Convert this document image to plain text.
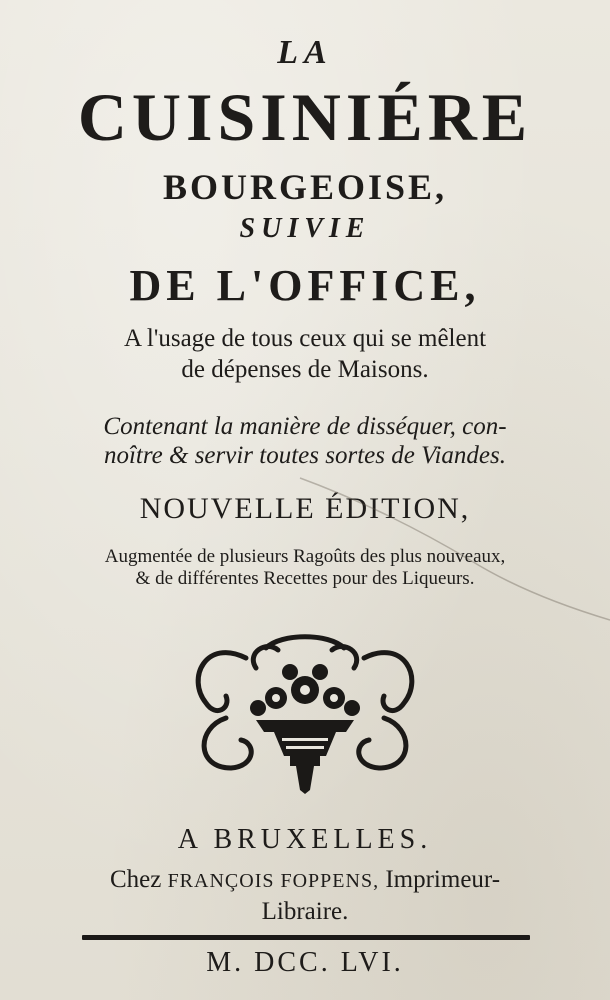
LA

CUISINIÉRE

BOURGEOISE,

SUIVIE

DE L'OFFICE,

A l'usage de tous ceux qui se mêlent

de dépenses de Maisons.

Contenant la manière de disséquer, con-

noître & servir toutes sortes de Viandes.

NOUVELLE ÉDITION,

Augmentée de plusieurs Ragoûts des plus nouveaux,

& de différentes Recettes pour des Liqueurs.

A BRUXELLES.

Chez FRANÇOIS FOPPENS, Imprimeur-

Libraire.

M. DCC. LVI.
